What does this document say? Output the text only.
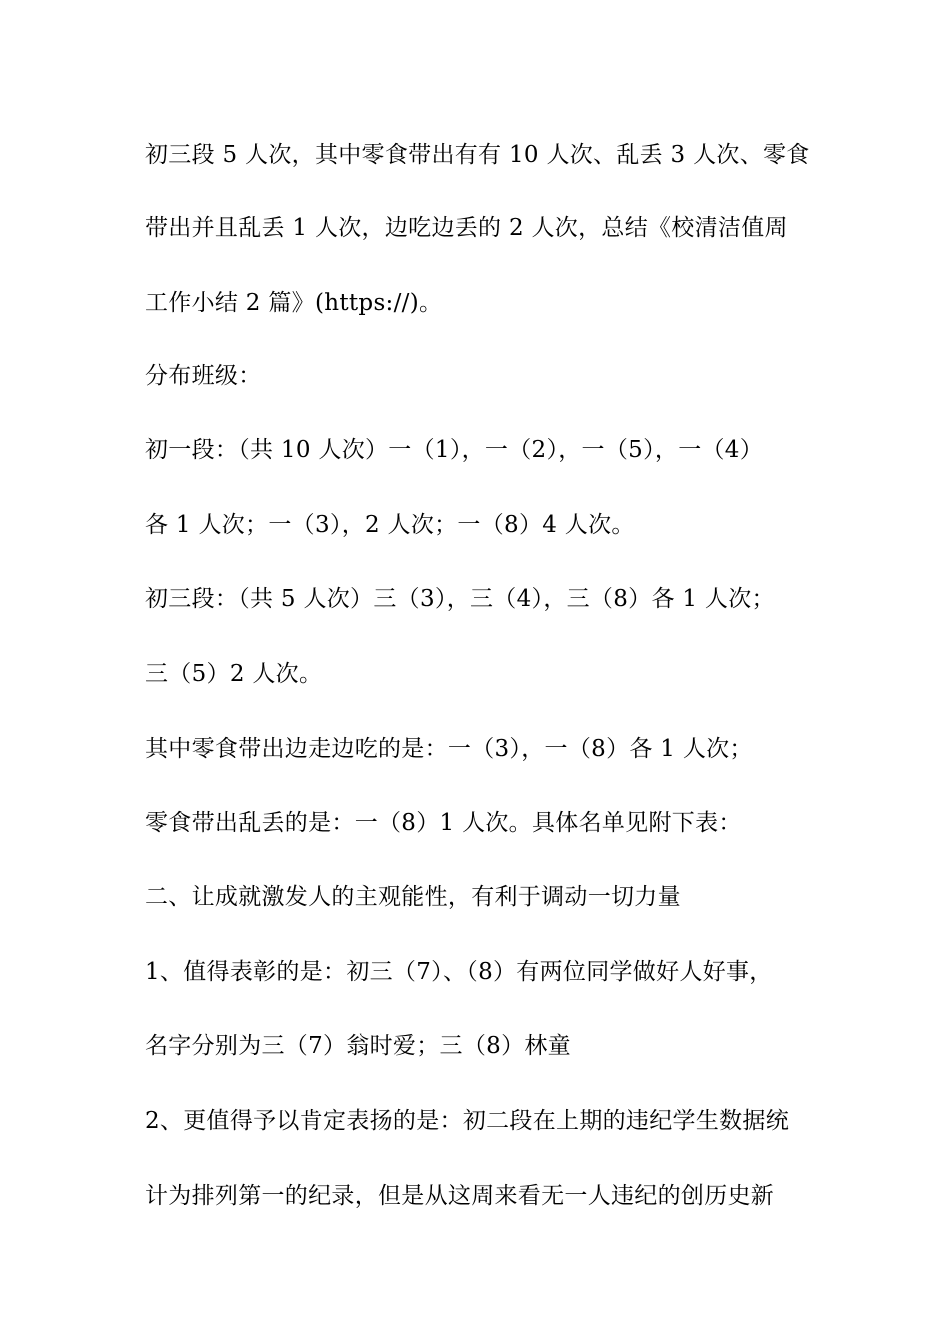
初三段 5 人次，其中零食带出有有 10 人次、乱丢 3 人次、零食
带出并且乱丢 1 人次，边吃边丢的 2 人次，总结《校清洁值周
工作小结 2 篇》(https://)。
分布班级：
初一段：（共 10 人次）一（1），一（2），一（5），一（4）
各 1 人次；一（3），2 人次；一（8）4 人次。
初三段：（共 5 人次）三（3），三（4），三（8）各 1 人次；
三（5）2 人次。
其中零食带出边走边吃的是：一（3），一（8）各 1 人次；
零食带出乱丢的是：一（8）1 人次。具体名单见附下表：
二、让成就激发人的主观能性，有利于调动一切力量
1、值得表彰的是：初三（7）、（8）有两位同学做好人好事，
名字分别为三（7）翁时爱；三（8）林童
2、更值得予以肯定表扬的是：初二段在上期的违纪学生数据统
计为排列第一的纪录，但是从这周来看无一人违纪的创历史新
